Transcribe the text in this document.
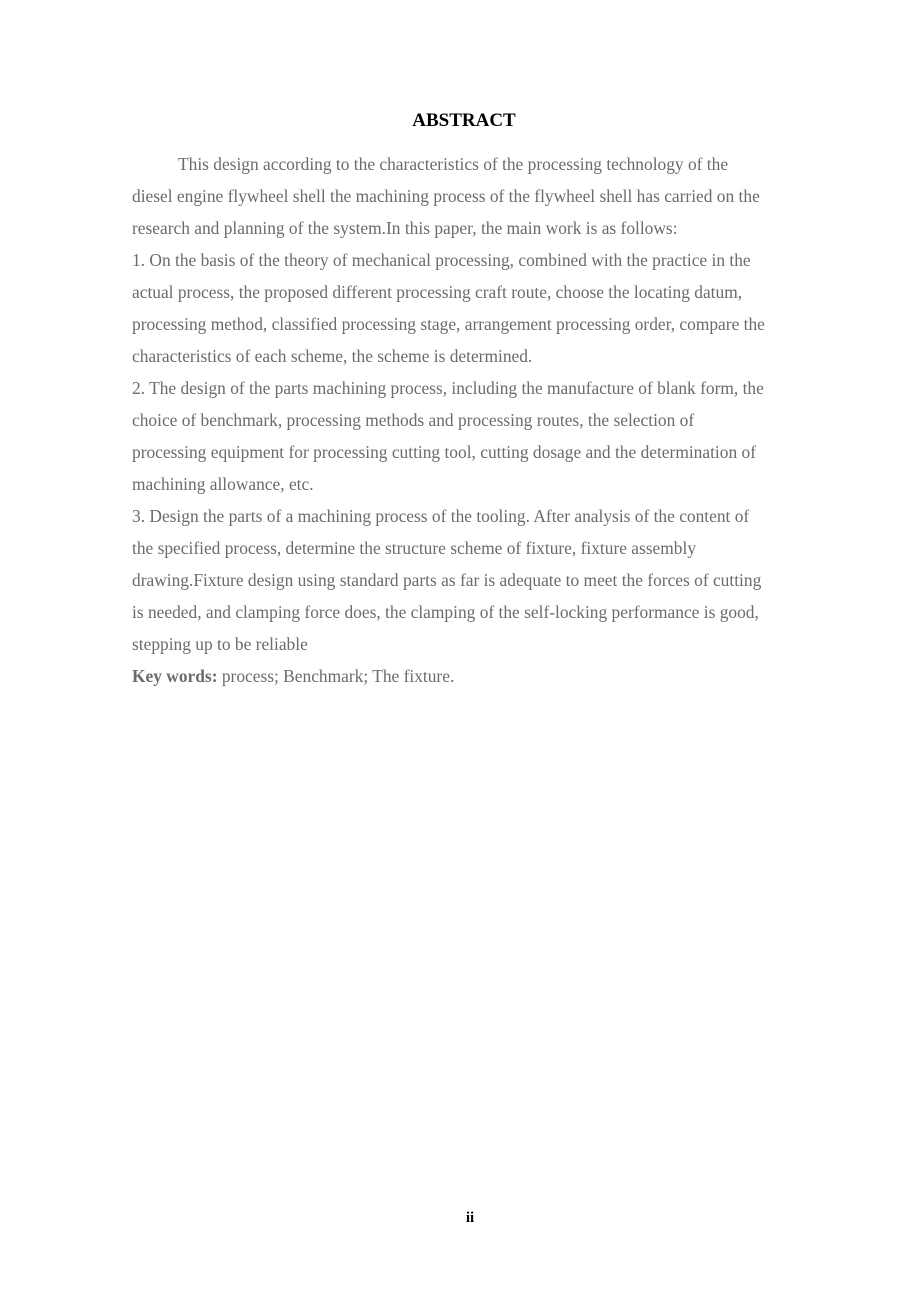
ABSTRACT

This design according to the characteristics of the processing technology of the
diesel engine flywheel shell the machining process of the flywheel shell has carried on the
research and planning of the system.In this paper, the main work is as follows:

1. On the basis of the theory of mechanical processing, combined with the practice in the
actual process, the proposed different processing craft route, choose the locating datum,
processing method, classified processing stage, arrangement processing order, compare the
characteristics of each scheme, the scheme is determined.

2. The design of the parts machining process, including the manufacture of blank form, the
choice of benchmark, processing methods and processing routes, the selection of
processing equipment for processing cutting tool, cutting dosage and the determination of
machining allowance, etc.

3. Design the parts of a machining process of the tooling. After analysis of the content of
the specified process, determine the structure scheme of fixture, fixture assembly
drawing.Fixture design using standard parts as far is adequate to meet the forces of cutting
is needed, and clamping force does, the clamping of the self-locking performance is good,
stepping up to be reliable

Key words: process; Benchmark; The fixture.

ii
